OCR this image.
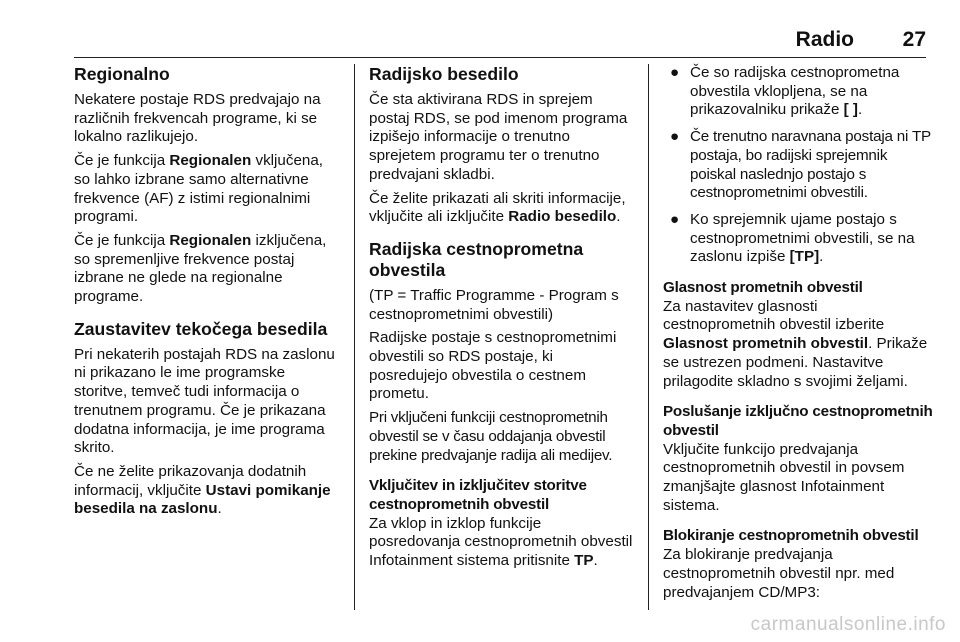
Radio 27
Regionalno

Nekatere postaje RDS predvajajo na različnih frekvencah programe, ki se lokalno razlikujejo.

Če je funkcija Regionalen vključena, so lahko izbrane samo alternativne frekvence (AF) z istimi regionalnimi programi.

Če je funkcija Regionalen izključena, so spremenljive frekvence postaj izbrane ne glede na regionalne programe.

Zaustavitev tekočega besedila

Pri nekaterih postajah RDS na zaslonu ni prikazano le ime programske storitve, temveč tudi informacija o trenutnem programu. Če je prikazana dodatna informacija, je ime programa skrito.

Če ne želite prikazovanja dodatnih informacij, vključite Ustavi pomikanje besedila na zaslonu.

Radijsko besedilo

Če sta aktivirana RDS in sprejem postaj RDS, se pod imenom programa izpišejo informacije o trenutno sprejetem programu ter o trenutno predvajani skladbi.

Če želite prikazati ali skriti informacije, vključite ali izključite Radio besedilo.

Radijska cestnoprometna obvestila

(TP = Traffic Programme - Program s cestnoprometnimi obvestili)

Radijske postaje s cestnoprometnimi obvestili so RDS postaje, ki posredujejo obvestila o cestnem prometu.

Pri vključeni funkciji cestnoprometnih obvestil se v času oddajanja obvestil prekine predvajanje radija ali medijev.

Vključitev in izključitev storitve cestnoprometnih obvestil

Za vklop in izklop funkcije posredovanja cestnoprometnih obvestil Infotainment sistema pritisnite TP.

● Če so radijska cestnoprometna obvestila vklopljena, se na prikazovalniku prikaže [ ].
● Če trenutno naravnana postaja ni TP postaja, bo radijski sprejemnik poiskal naslednjo postajo s cestnoprometnimi obvestili.
● Ko sprejemnik ujame postajo s cestnoprometnimi obvestili, se na zaslonu izpiše [TP].

Glasnost prometnih obvestil

Za nastavitev glasnosti cestnoprometnih obvestil izberite Glasnost prometnih obvestil. Prikaže se ustrezen podmeni. Nastavitve prilagodite skladno s svojimi željami.

Poslušanje izključno cestnoprometnih obvestil

Vključite funkcijo predvajanja cestnoprometnih obvestil in povsem zmanjšajte glasnost Infotainment sistema.

Blokiranje cestnoprometnih obvestil

Za blokiranje predvajanja cestnoprometnih obvestil npr. med predvajanjem CD/MP3:

carmanualsonline.info
